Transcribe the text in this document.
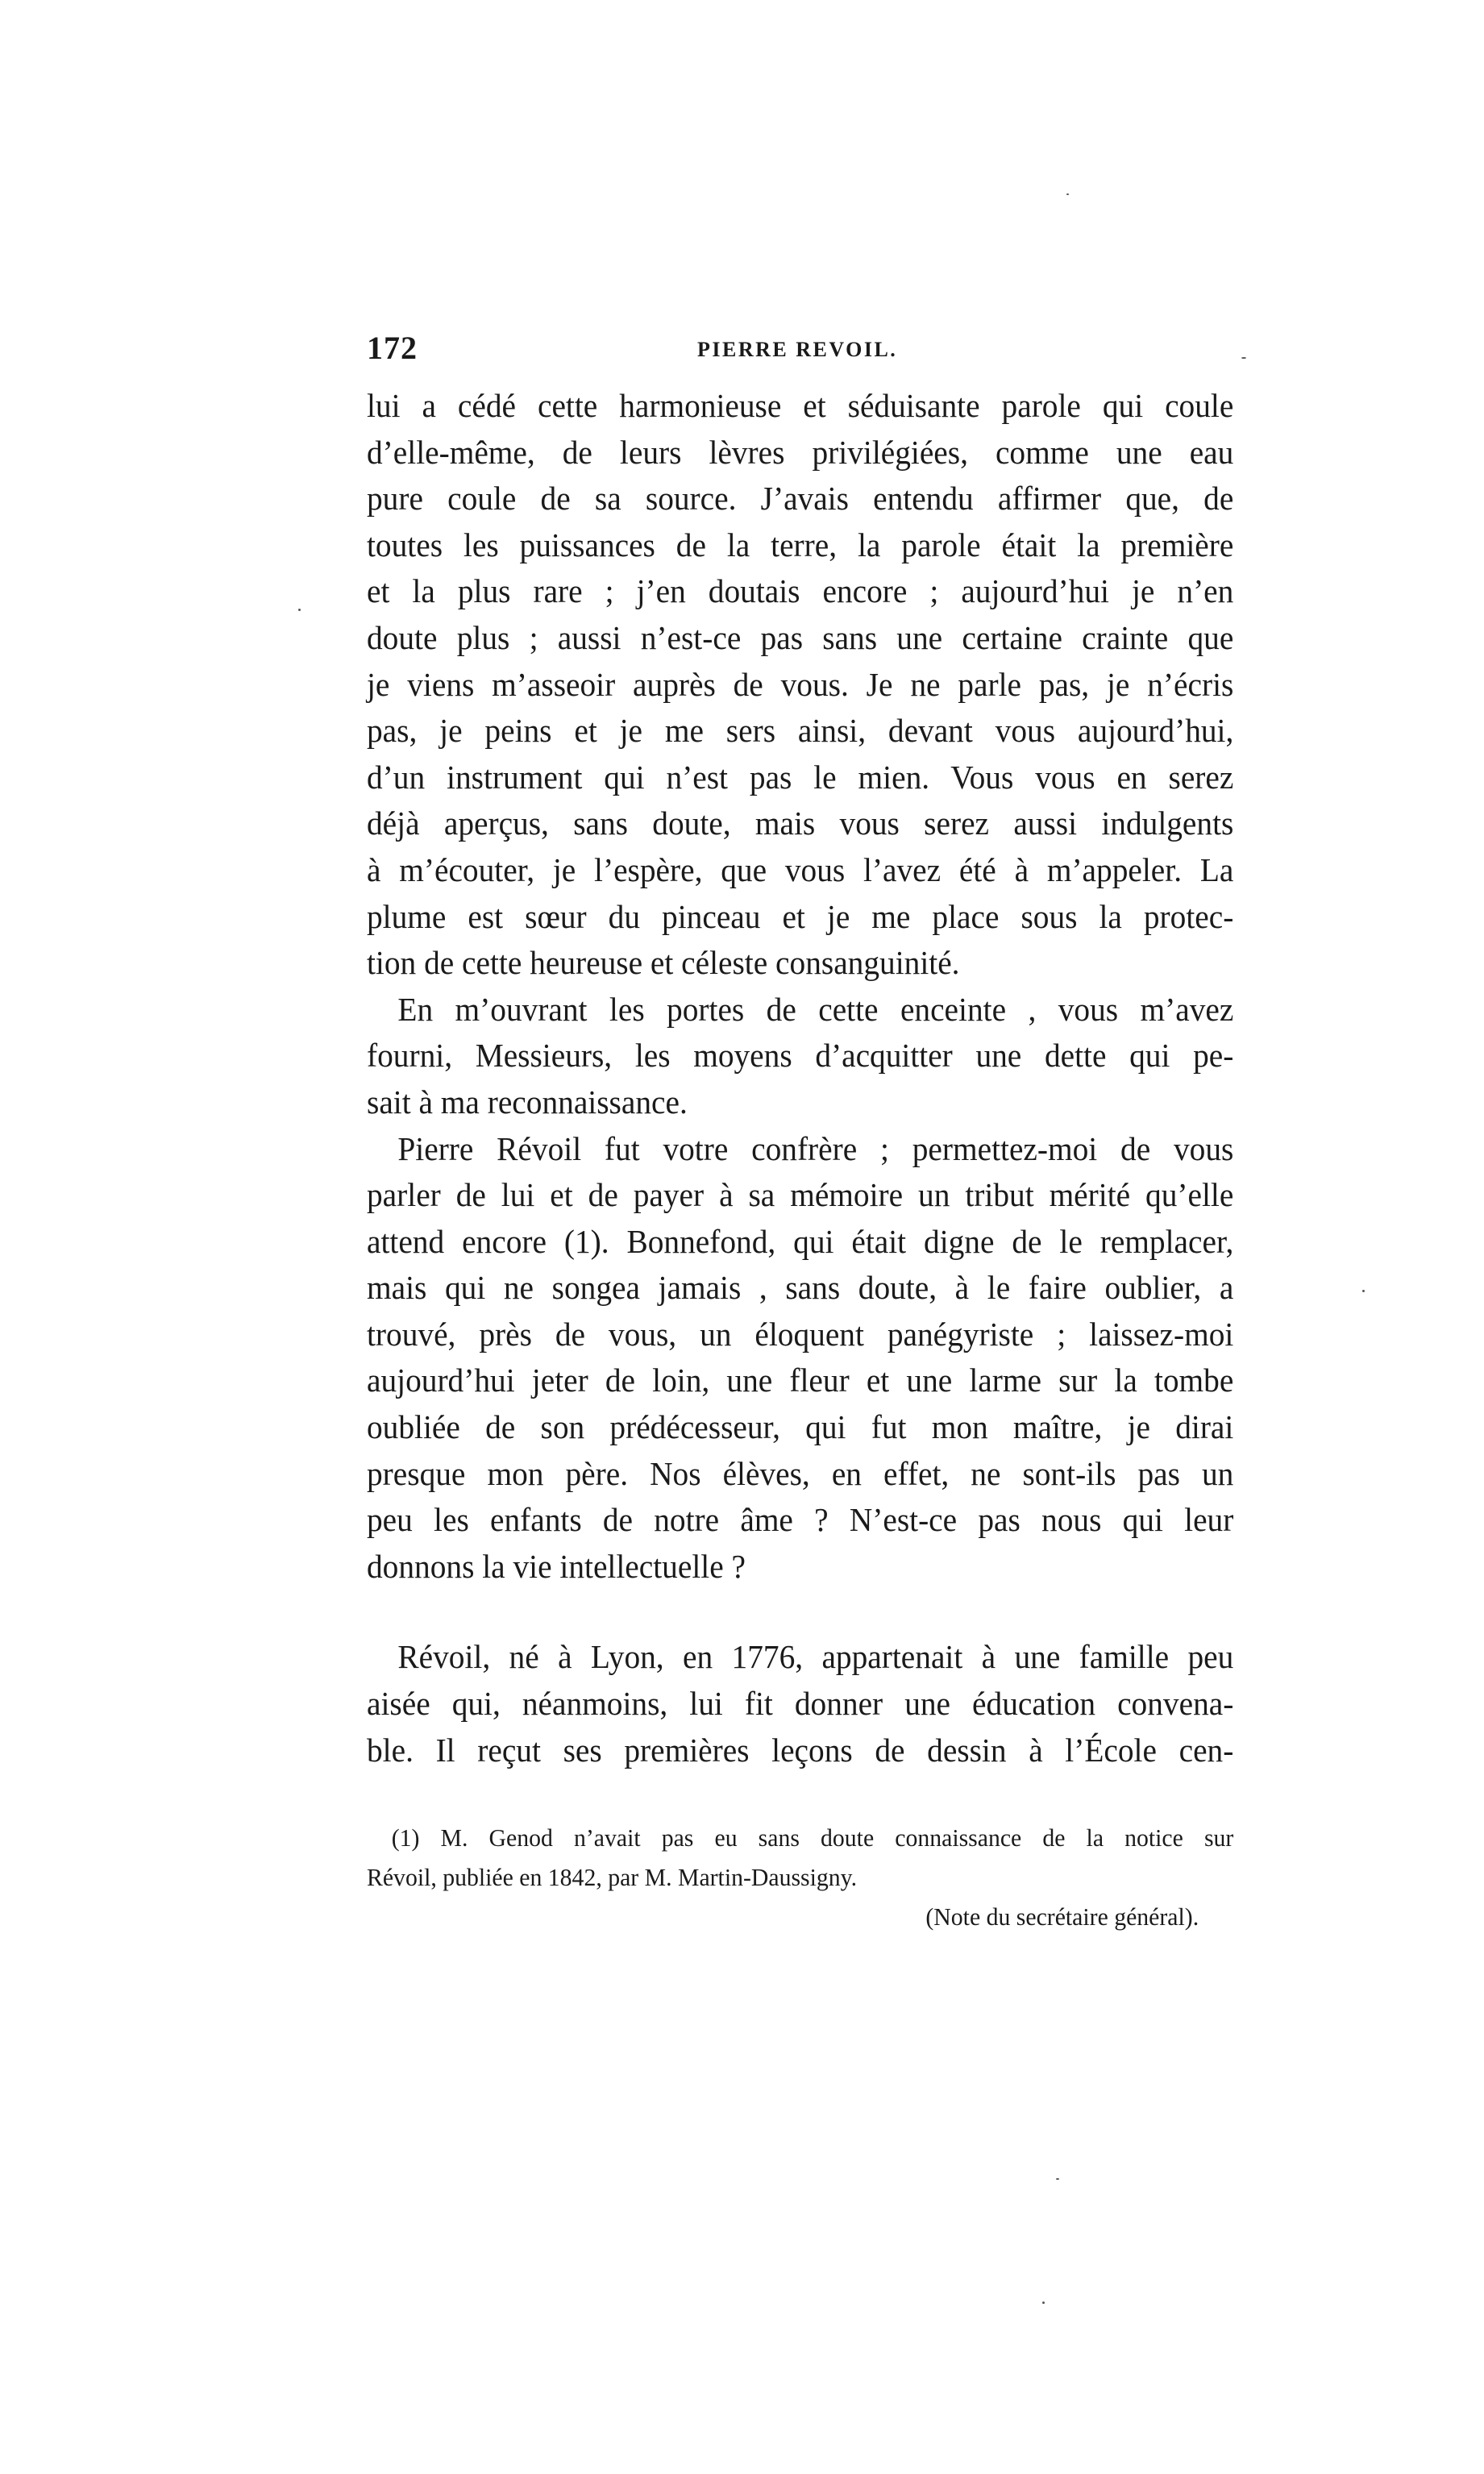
172	PIERRE REVOIL.
lui a cédé cette harmonieuse et séduisante parole qui coule
d’elle-même, de leurs lèvres privilégiées, comme une eau
pure coule de sa source. J’avais entendu affirmer que, de
toutes les puissances de la terre, la parole était la première
et la plus rare ; j’en doutais encore ; aujourd’hui je n’en
doute plus ; aussi n’est-ce pas sans une certaine crainte que
je viens m’asseoir auprès de vous. Je ne parle pas, je n’écris
pas, je peins et je me sers ainsi, devant vous aujourd’hui,
d’un instrument qui n’est pas le mien. Vous vous en serez
déjà aperçus, sans doute, mais vous serez aussi indulgents
à m’écouter, je l’espère, que vous l’avez été à m’appeler. La
plume est sœur du pinceau et je me place sous la protec-
tion de cette heureuse et céleste consanguinité.
En m’ouvrant les portes de cette enceinte , vous m’avez
fourni, Messieurs, les moyens d’acquitter une dette qui pe-
sait à ma reconnaissance.
Pierre Révoil fut votre confrère ; permettez-moi de vous
parler de lui et de payer à sa mémoire un tribut mérité qu’elle
attend encore (1). Bonnefond, qui était digne de le remplacer,
mais qui ne songea jamais , sans doute, à le faire oublier, a
trouvé, près de vous, un éloquent panégyriste ; laissez-moi
aujourd’hui jeter de loin, une fleur et une larme sur la tombe
oubliée de son prédécesseur, qui fut mon maître, je dirai
presque mon père. Nos élèves, en effet, ne sont-ils pas un
peu les enfants de notre âme ? N’est-ce pas nous qui leur
donnons la vie intellectuelle ?
Révoil, né à Lyon, en 1776, appartenait à une famille peu
aisée qui, néanmoins, lui fit donner une éducation convena-
ble. Il reçut ses premières leçons de dessin à l’École cen-
(1) M. Genod n’avait pas eu sans doute connaissance de la notice sur
Révoil, publiée en 1842, par M. Martin-Daussigny.
(Note du secrétaire général).
